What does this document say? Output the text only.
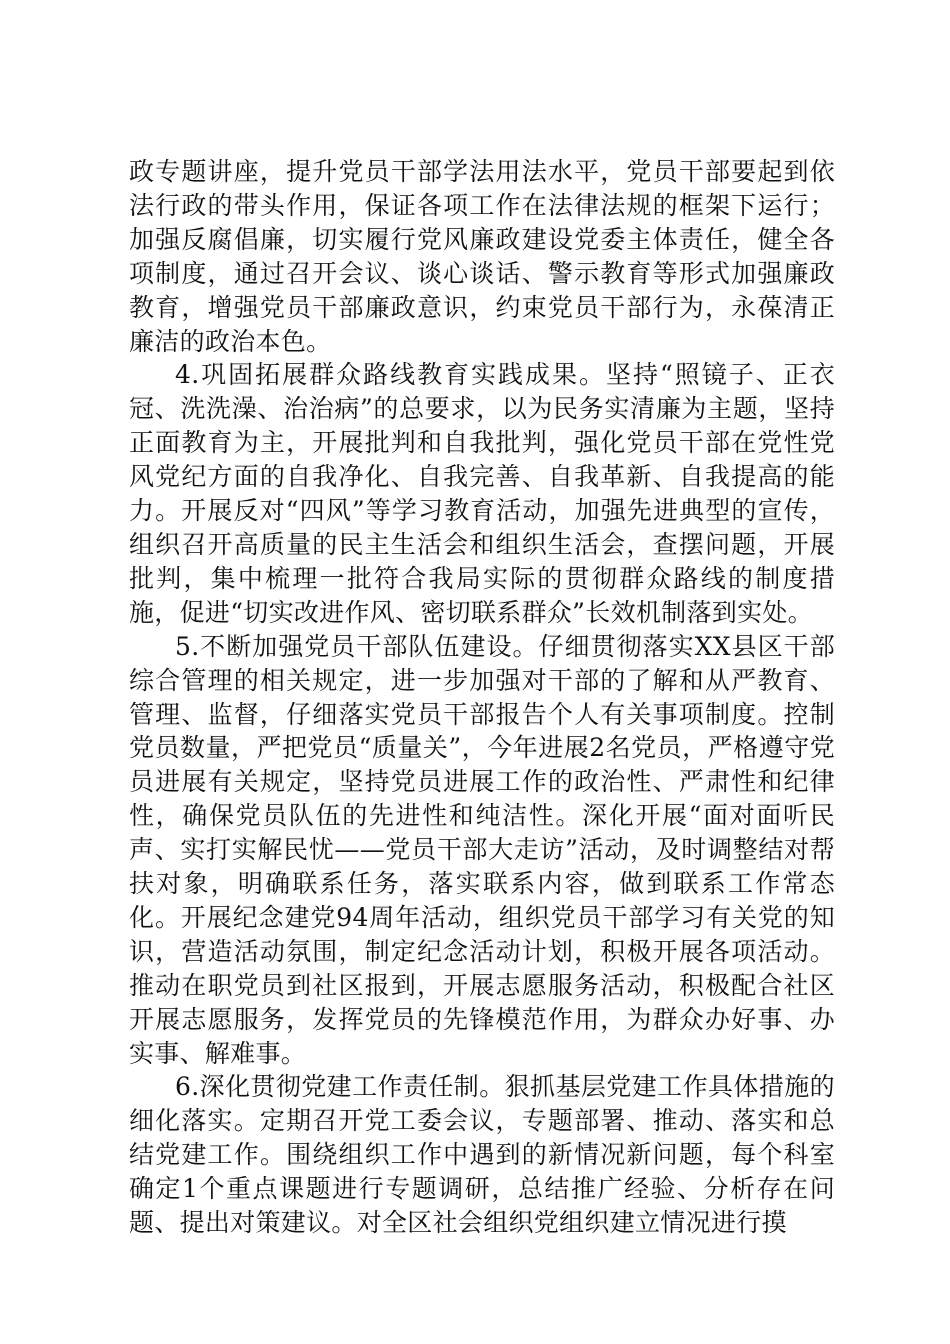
政专题讲座，提升党员干部学法用法水平，党员干部要起到依法行政的带头作用，保证各项工作在法律法规的框架下运行；加强反腐倡廉，切实履行党风廉政建设党委主体责任，健全各项制度，通过召开会议、谈心谈话、警示教育等形式加强廉政教育，增强党员干部廉政意识，约束党员干部行为，永葆清正廉洁的政治本色。

4.巩固拓展群众路线教育实践成果。坚持“照镜子、正衣冠、洗洗澡、治治病”的总要求，以为民务实清廉为主题，坚持正面教育为主，开展批判和自我批判，强化党员干部在党性党风党纪方面的自我净化、自我完善、自我革新、自我提高的能力。开展反对“四风”等学习教育活动，加强先进典型的宣传，组织召开高质量的民主生活会和组织生活会，查摆问题，开展批判，集中梳理一批符合我局实际的贯彻群众路线的制度措施，促进“切实改进作风、密切联系群众”长效机制落到实处。

5.不断加强党员干部队伍建设。仔细贯彻落实XX县区干部综合管理的相关规定，进一步加强对干部的了解和从严教育、管理、监督，仔细落实党员干部报告个人有关事项制度。控制党员数量，严把党员“质量关”，今年进展2名党员，严格遵守党员进展有关规定，坚持党员进展工作的政治性、严肃性和纪律性，确保党员队伍的先进性和纯洁性。深化开展“面对面听民声、实打实解民忧——党员干部大走访”活动，及时调整结对帮扶对象，明确联系任务，落实联系内容，做到联系工作常态化。开展纪念建党94周年活动，组织党员干部学习有关党的知识，营造活动氛围，制定纪念活动计划，积极开展各项活动。推动在职党员到社区报到，开展志愿服务活动，积极配合社区开展志愿服务，发挥党员的先锋模范作用，为群众办好事、办实事、解难事。

6.深化贯彻党建工作责任制。狠抓基层党建工作具体措施的细化落实。定期召开党工委会议，专题部署、推动、落实和总结党建工作。围绕组织工作中遇到的新情况新问题，每个科室确定1个重点课题进行专题调研，总结推广经验、分析存在问题、提出对策建议。对全区社会组织党组织建立情况进行摸
